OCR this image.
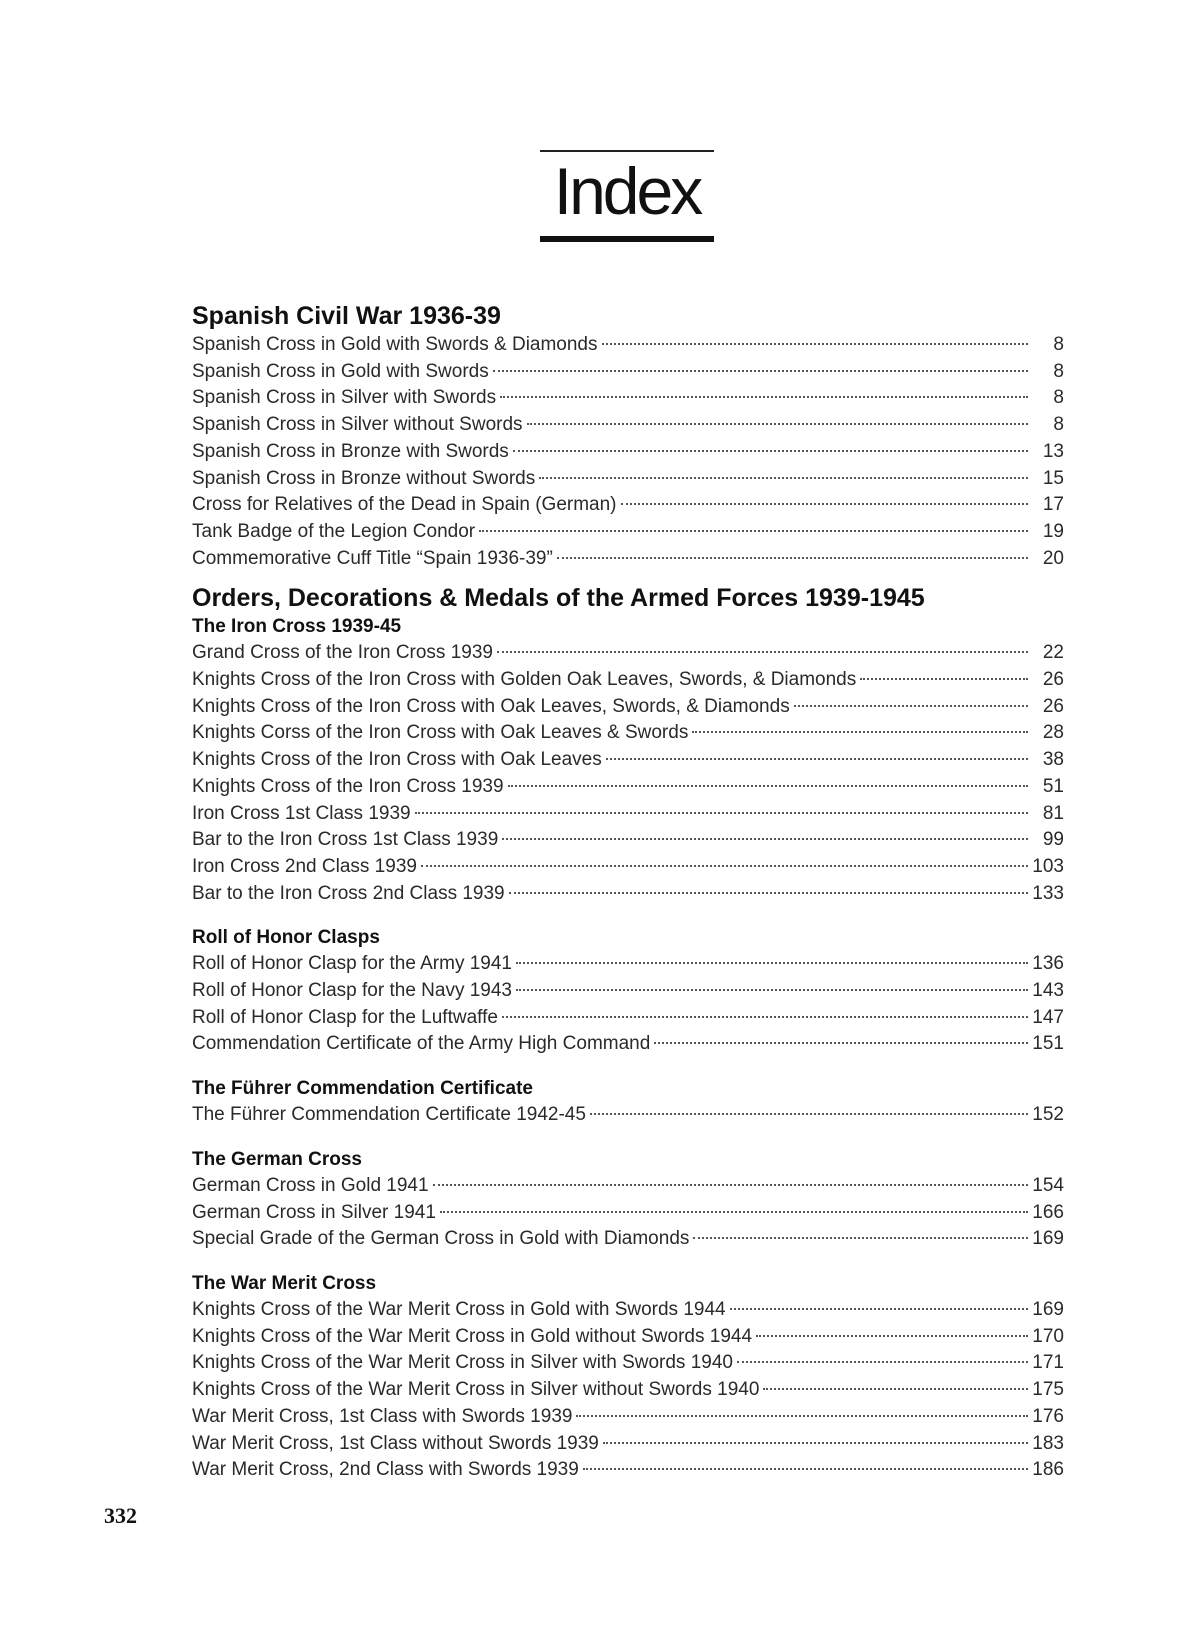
Index
Spanish Civil War 1936-39
Spanish Cross in Gold with Swords & Diamonds	8
Spanish Cross in Gold with Swords	8
Spanish Cross in Silver with Swords	8
Spanish Cross in Silver without Swords	8
Spanish Cross in Bronze with Swords	13
Spanish Cross in Bronze without Swords	15
Cross for Relatives of the Dead in Spain (German)	17
Tank Badge of the Legion Condor	19
Commemorative Cuff Title “Spain 1936-39”	20
Orders, Decorations & Medals of the Armed Forces 1939-1945
The Iron Cross 1939-45
Grand Cross of the Iron Cross 1939	22
Knights Cross of the Iron Cross with Golden Oak Leaves, Swords, & Diamonds	26
Knights Cross of the Iron Cross with Oak Leaves, Swords, & Diamonds	26
Knights Corss of the Iron Cross with Oak Leaves & Swords	28
Knights Cross of the Iron Cross with Oak Leaves	38
Knights Cross of the Iron Cross 1939	51
Iron Cross 1st Class 1939	81
Bar to the Iron Cross 1st Class 1939	99
Iron Cross 2nd Class 1939	103
Bar to the Iron Cross 2nd Class 1939	133
Roll of Honor Clasps
Roll of Honor Clasp for the Army 1941	136
Roll of Honor Clasp for the Navy 1943	143
Roll of Honor Clasp for the Luftwaffe	147
Commendation Certificate of the Army High Command	151
The Führer Commendation Certificate
The Führer Commendation Certificate 1942-45	152
The German Cross
German Cross in Gold 1941	154
German Cross in Silver 1941	166
Special Grade of the German Cross in Gold with Diamonds	169
The War Merit Cross
Knights Cross of the War Merit Cross in Gold with Swords 1944	169
Knights Cross of the War Merit Cross in Gold without Swords 1944	170
Knights Cross of the War Merit Cross in Silver with Swords 1940	171
Knights Cross of the War Merit Cross in Silver without Swords 1940	175
War Merit Cross, 1st Class with Swords 1939	176
War Merit Cross, 1st Class without Swords 1939	183
War Merit Cross, 2nd Class with Swords 1939	186
332
